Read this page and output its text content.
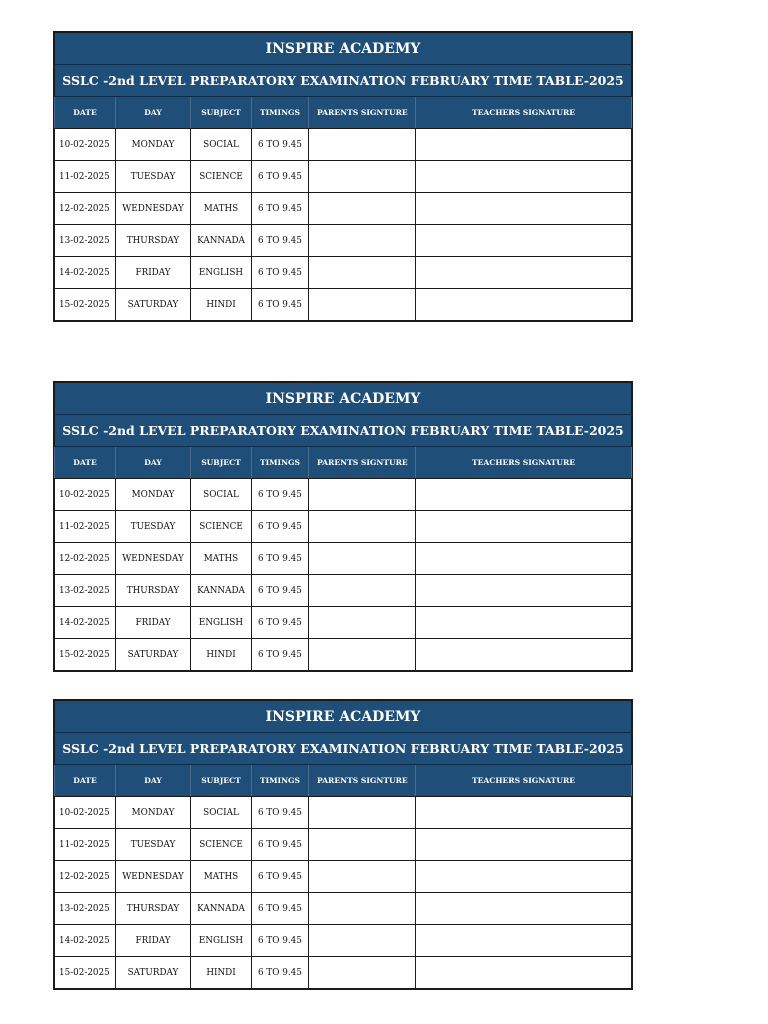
INSPIRE ACADEMY					
SSLC -2nd LEVEL PREPARATORY EXAMINATION FEBRUARY TIME TABLE-2025					
DATE	DAY	SUBJECT	TIMINGS	PARENTS SIGNTURE	TEACHERS SIGNATURE
10-02-2025	MONDAY	SOCIAL	6 TO 9.45		
11-02-2025	TUESDAY	SCIENCE	6 TO 9.45		
12-02-2025	WEDNESDAY	MATHS	6 TO 9.45		
13-02-2025	THURSDAY	KANNADA	6 TO 9.45		
14-02-2025	FRIDAY	ENGLISH	6 TO 9.45		
15-02-2025	SATURDAY	HINDI	6 TO 9.45		
INSPIRE ACADEMY					
SSLC -2nd LEVEL PREPARATORY EXAMINATION FEBRUARY TIME TABLE-2025					
DATE	DAY	SUBJECT	TIMINGS	PARENTS SIGNTURE	TEACHERS SIGNATURE
10-02-2025	MONDAY	SOCIAL	6 TO 9.45		
11-02-2025	TUESDAY	SCIENCE	6 TO 9.45		
12-02-2025	WEDNESDAY	MATHS	6 TO 9.45		
13-02-2025	THURSDAY	KANNADA	6 TO 9.45		
14-02-2025	FRIDAY	ENGLISH	6 TO 9.45		
15-02-2025	SATURDAY	HINDI	6 TO 9.45		
INSPIRE ACADEMY					
SSLC -2nd LEVEL PREPARATORY EXAMINATION FEBRUARY TIME TABLE-2025					
DATE	DAY	SUBJECT	TIMINGS	PARENTS SIGNTURE	TEACHERS SIGNATURE
10-02-2025	MONDAY	SOCIAL	6 TO 9.45		
11-02-2025	TUESDAY	SCIENCE	6 TO 9.45		
12-02-2025	WEDNESDAY	MATHS	6 TO 9.45		
13-02-2025	THURSDAY	KANNADA	6 TO 9.45		
14-02-2025	FRIDAY	ENGLISH	6 TO 9.45		
15-02-2025	SATURDAY	HINDI	6 TO 9.45		
